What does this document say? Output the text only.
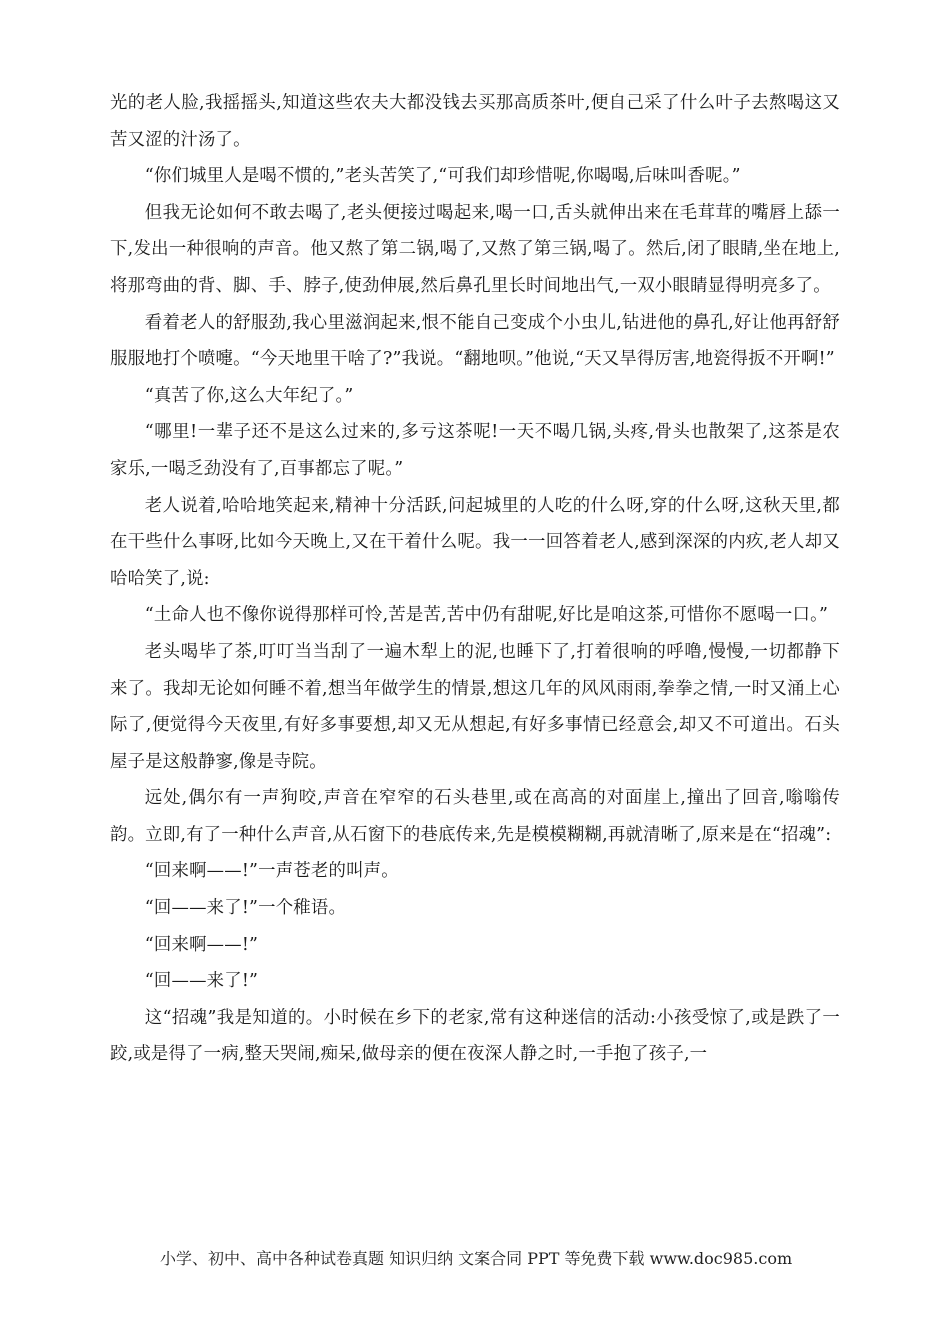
光的老人脸,我摇摇头,知道这些农夫大都没钱去买那高质茶叶,便自己采了什么叶子去熬喝这又苦又涩的汁汤了。

“你们城里人是喝不惯的,”老头苦笑了,“可我们却珍惜呢,你喝喝,后味叫香呢。”

但我无论如何不敢去喝了,老头便接过喝起来,喝一口,舌头就伸出来在毛茸茸的嘴唇上舔一下,发出一种很响的声音。他又熬了第二锅,喝了,又熬了第三锅,喝了。然后,闭了眼睛,坐在地上,将那弯曲的背、脚、手、脖子,使劲伸展,然后鼻孔里长时间地出气,一双小眼睛显得明亮多了。

看着老人的舒服劲,我心里滋润起来,恨不能自己变成个小虫儿,钻进他的鼻孔,好让他再舒舒服服地打个喷嚏。“今天地里干啥了?”我说。“翻地呗。”他说,“天又旱得厉害,地瓷得扳不开啊!”

“真苦了你,这么大年纪了。”

“哪里!一辈子还不是这么过来的,多亏这茶呢!一天不喝几锅,头疼,骨头也散架了,这茶是农家乐,一喝乏劲没有了,百事都忘了呢。”

老人说着,哈哈地笑起来,精神十分活跃,问起城里的人吃的什么呀,穿的什么呀,这秋天里,都在干些什么事呀,比如今天晚上,又在干着什么呢。我一一回答着老人,感到深深的内疚,老人却又哈哈笑了,说:

“土命人也不像你说得那样可怜,苦是苦,苦中仍有甜呢,好比是咱这茶,可惜你不愿喝一口。”

老头喝毕了茶,叮叮当当刮了一遍木犁上的泥,也睡下了,打着很响的呼噜,慢慢,一切都静下来了。我却无论如何睡不着,想当年做学生的情景,想这几年的风风雨雨,拳拳之情,一时又涌上心际了,便觉得今天夜里,有好多事要想,却又无从想起,有好多事情已经意会,却又不可道出。石头屋子是这般静寥,像是寺院。

远处,偶尔有一声狗咬,声音在窄窄的石头巷里,或在高高的对面崖上,撞出了回音,嗡嗡传韵。立即,有了一种什么声音,从石窗下的巷底传来,先是模模糊糊,再就清晰了,原来是在“招魂”:

“回来啊——!”一声苍老的叫声。

“回——来了!”一个稚语。

“回来啊——!”

“回——来了!”

这“招魂”我是知道的。小时候在乡下的老家,常有这种迷信的活动:小孩受惊了,或是跌了一跤,或是得了一病,整天哭闹,痴呆,做母亲的便在夜深人静之时,一手抱了孩子,一

小学、初中、高中各种试卷真题 知识归纳 文案合同 PPT 等免费下载 www.doc985.com
